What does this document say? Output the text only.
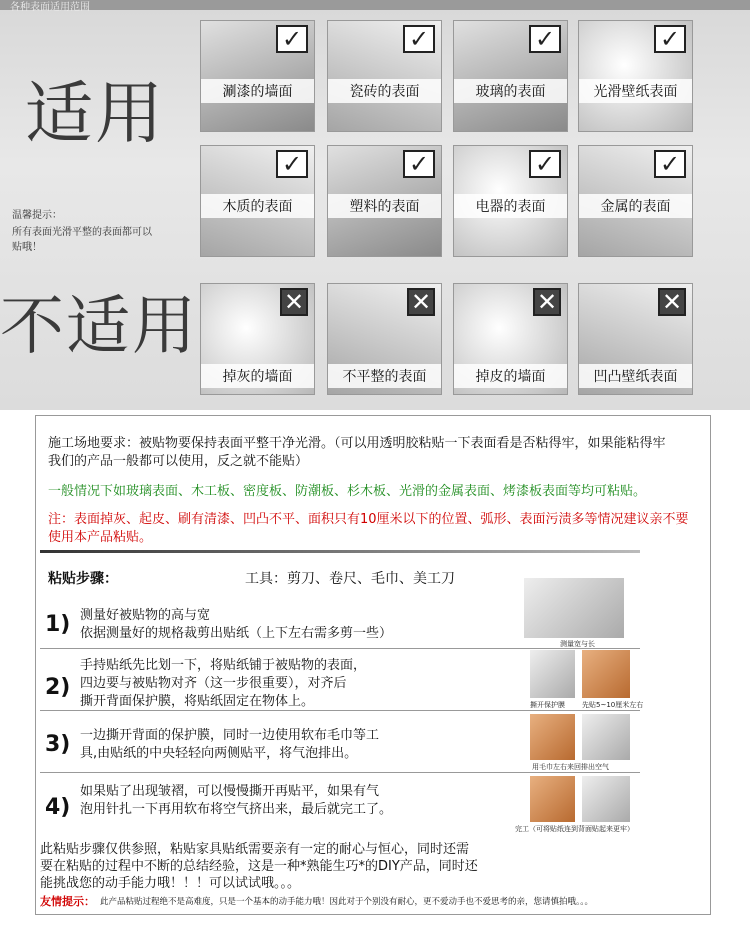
各种表面适用范围
适用
温馨提示：
所有表面光滑平整的表面都可以
贴哦！
✓
涮漆的墙面
✓
瓷砖的表面
✓
玻璃的表面
✓
光滑壁纸表面
✓
木质的表面
✓
塑料的表面
✓
电器的表面
✓
金属的表面
不适用	✕
掉灰的墙面
✕
不平整的表面
✕
掉皮的墙面
✕
凹凸壁纸表面
施工场地要求：被贴物要保持表面平整干净光滑。（可以用透明胶粘贴一下表面看是否粘得牢，如果能粘得牢
我们的产品一般都可以使用，反之就不能贴）
一般情况下如玻璃表面、木工板、密度板、防潮板、杉木板、光滑的金属表面、烤漆板表面等均可粘贴。
注：表面掉灰、起皮、刷有清漆、凹凸不平、面积只有10厘米以下的位置、弧形、表面污渍多等情况建议亲不要
使用本产品粘贴。
粘贴步骤：	工具：剪刀、卷尺、毛巾、美工刀
1) 测量好被贴物的高与宽
依据测量好的规格裁剪出贴纸（上下左右需多剪一些）
测量宽与长
2)
手持贴纸先比划一下，将贴纸铺于被贴物的表面，
四边要与被贴物对齐（这一步很重要），对齐后
撕开背面保护膜，将贴纸固定在物体上。	撕开保护膜 先贴5~10厘米左右
3) 一边撕开背面的保护膜，同时一边使用软布毛巾等工
具,由贴纸的中央轻轻向两侧贴平，将气泡排出。
用毛巾左右来回排出空气
4)
如果贴了出现皱褶，可以慢慢撕开再贴平，如果有气
泡用针扎一下再用软布将空气挤出来，最后就完工了。
完工（可将贴纸连到背面贴起来更牢）
此粘贴步骤仅供参照，粘贴家具贴纸需要亲有一定的耐心与恒心，同时还需
要在粘贴的过程中不断的总结经验，这是一种*熟能生巧*的DIY产品，同时还
能挑战您的动手能力哦！！！可以试试哦。。。
友情提示： 此产品粘贴过程绝不是高难度，只是一个基本的动手能力哦！因此对于个别没有耐心，更不爱动手也不爱思考的亲，您请慎拍哦。。。
